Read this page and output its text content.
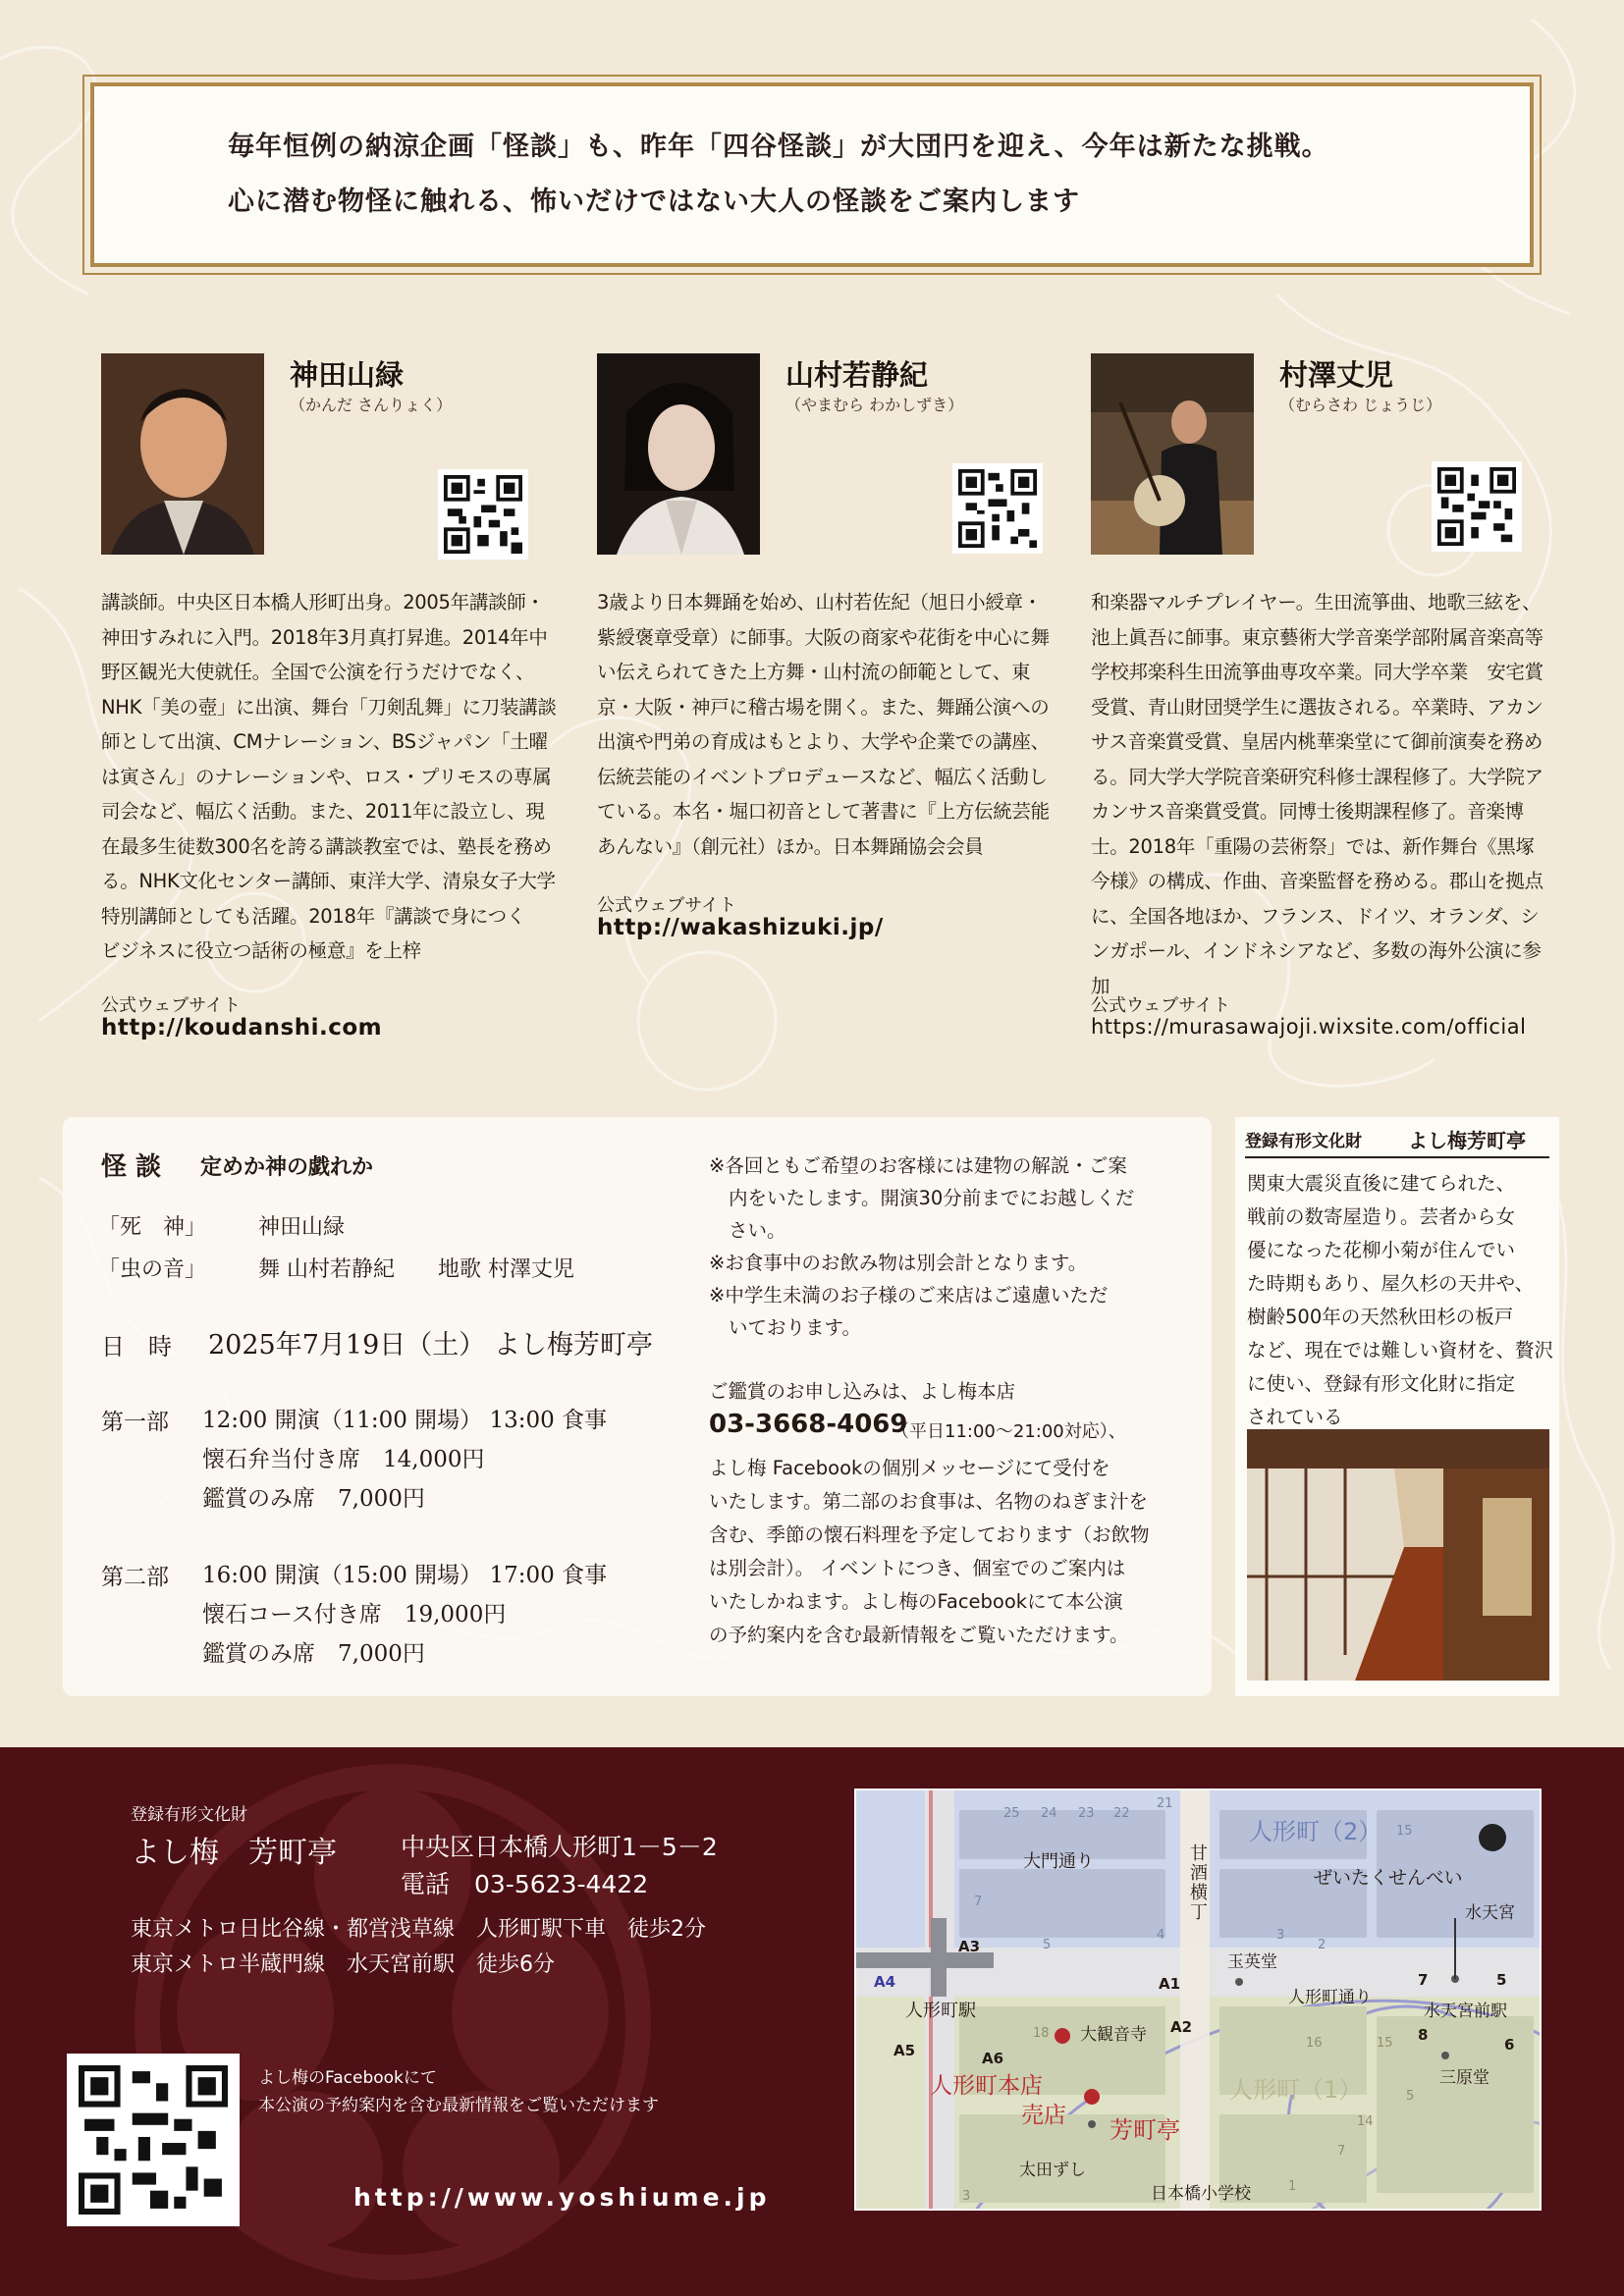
毎年恒例の納涼企画「怪談」も、昨年「四谷怪談」が大団円を迎え、今年は新たな挑戦。

心に潜む物怪に触れる、怖いだけではない大人の怪談をご案内します

神田山緑
（かんだ さんりょく）
講談師。中央区日本橋人形町出身。2005年講談師・神田すみれに入門。2018年3月真打昇進。2014年中野区観光大使就任。全国で公演を行うだけでなく、NHK「美の壺」に出演、舞台「刀剣乱舞」に刀装講談師として出演、CMナレーション、BSジャパン「土曜は寅さん」のナレーションや、ロス・プリモスの専属司会など、幅広く活動。また、2011年に設立し、現在最多生徒数300名を誇る講談教室では、塾長を務める。NHK文化センター講師、東洋大学、清泉女子大学特別講師としても活躍。2018年『講談で身につく　ビジネスに役立つ話術の極意』を上梓
公式ウェブサイト
http://koudanshi.com
山村若静紀
（やまむら わかしずき）
3歳より日本舞踊を始め、山村若佐紀（旭日小綬章・紫綬褒章受章）に師事。大阪の商家や花街を中心に舞い伝えられてきた上方舞・山村流の師範として、東京・大阪・神戸に稽古場を開く。また、舞踊公演への出演や門弟の育成はもとより、大学や企業での講座、伝統芸能のイベントプロデュースなど、幅広く活動している。本名・堀口初音として著書に『上方伝統芸能あんない』（創元社）ほか。日本舞踊協会会員
公式ウェブサイト
http://wakashizuki.jp/
村澤丈児
（むらさわ じょうじ）
和楽器マルチプレイヤー。生田流箏曲、地歌三絃を、池上眞吾に師事。東京藝術大学音楽学部附属音楽高等学校邦楽科生田流箏曲専攻卒業。同大学卒業　安宅賞受賞、青山財団奨学生に選抜される。卒業時、アカンサス音楽賞受賞、皇居内桃華楽堂にて御前演奏を務める。同大学大学院音楽研究科修士課程修了。大学院アカンサス音楽賞受賞。同博士後期課程修了。音楽博士。2018年「重陽の芸術祭」では、新作舞台《黒塚今様》の構成、作曲、音楽監督を務める。郡山を拠点に、全国各地ほか、フランス、ドイツ、オランダ、シンガポール、インドネシアなど、多数の海外公演に参加
公式ウェブサイト
https://murasawajoji.wixsite.com/official
怪 談 定めか神の戯れか
「死　神」 神田山緑
「虫の音」 舞 山村若静紀　　地歌 村澤丈児
日　時 2025年7月19日（土） よし梅芳町亭
第一部 12:00 開演（11:00 開場） 13:00 食事
懐石弁当付き席　14,000円
鑑賞のみ席　7,000円
第二部 16:00 開演（15:00 開場） 17:00 食事
懐石コース付き席　19,000円
鑑賞のみ席　7,000円
※各回ともご希望のお客様には建物の解説・ご案
内をいたします。開演30分前までにお越しくだ
さい。
※お食事中のお飲み物は別会計となります。
※中学生未満のお子様のご来店はご遠慮いただ
いております。
ご鑑賞のお申し込みは、よし梅本店
03-3668-4069
（平日11:00～21:00対応）、
よし梅 Facebookの個別メッセージにて受付を
いたします。第二部のお食事は、名物のねぎま汁を
含む、季節の懐石料理を予定しております（お飲物
は別会計）。 イベントにつき、個室でのご案内は
いたしかねます。よし梅のFacebookにて本公演
の予約案内を含む最新情報をご覧いただけます。
登録有形文化財 よし梅芳町亭
関東大震災直後に建てられた、
戦前の数寄屋造り。芸者から女
優になった花柳小菊が住んでい
た時期もあり、屋久杉の天井や、
樹齢500年の天然秋田杉の板戸
など、現在では難しい資材を、贅沢
に使い、登録有形文化財に指定
されている
登録有形文化財
よし梅　芳町亭	中央区日本橋人形町1－5－2
電話　03-5623-4422
東京メトロ日比谷線・都営浅草線　人形町駅下車　徒歩2分
東京メトロ半蔵門線　水天宮前駅　徒歩6分
よし梅のFacebookにて
本公演の予約案内を含む最新情報をご覧いただけます
http://www.yoshiume.jp
人形町（2）
人形町（1）
大門通り	甘
酒
横
丁
ぜいたくせんべい
水天宮
玉英堂
人形町通り
人形町駅	水天宮前駅
大観音寺
人形町本店
売店
芳町亭
三原堂
太田ずし
日本橋小学校
A4
A3
A1
A2
A5	A6
7	5
8
6
25 24 23 22
21
15
7
5
4	3
2
18
16
7
3
1
5
15
14
